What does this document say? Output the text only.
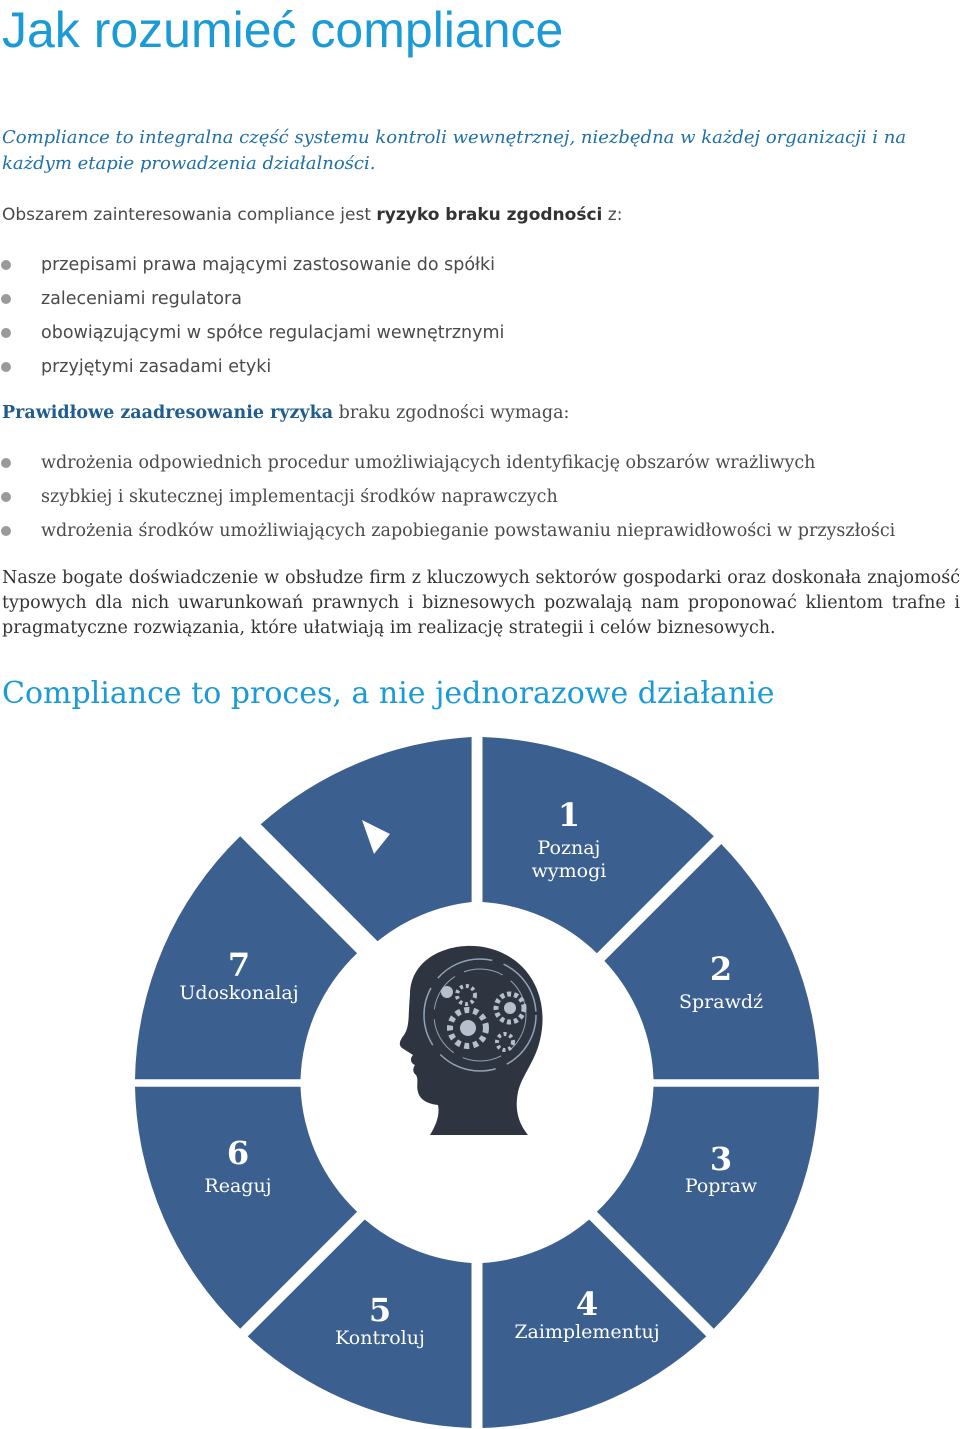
Jak rozumieć compliance

Compliance to integralna część systemu kontroli wewnętrznej, niezbędna w każdej organizacji i na każdym etapie prowadzenia działalności.

Obszarem zainteresowania compliance jest ryzyko braku zgodności z:

przepisami prawa mającymi zastosowanie do spółki
zaleceniami regulatora
obowiązującymi w spółce regulacjami wewnętrznymi
przyjętymi zasadami etyki

Prawidłowe zaadresowanie ryzyka braku zgodności wymaga:

wdrożenia odpowiednich procedur umożliwiających identyfikację obszarów wrażliwych
szybkiej i skutecznej implementacji środków naprawczych
wdrożenia środków umożliwiających zapobieganie powstawaniu nieprawidłowości w przyszłości

Nasze bogate doświadczenie w obsłudze firm z kluczowych sektorów gospodarki oraz doskonała znajomość typowych dla nich uwarunkowań prawnych i biznesowych pozwalają nam proponować klientom trafne i pragmatyczne rozwiązania, które ułatwiają im realizację strategii i celów biznesowych.

Compliance to proces, a nie jednorazowe działanie
1
Poznaj
wymogi
2
Sprawdź
3
Popraw
4
Zaimplementuj
5
Kontroluj
6
Reaguj
7
Udoskonalaj
